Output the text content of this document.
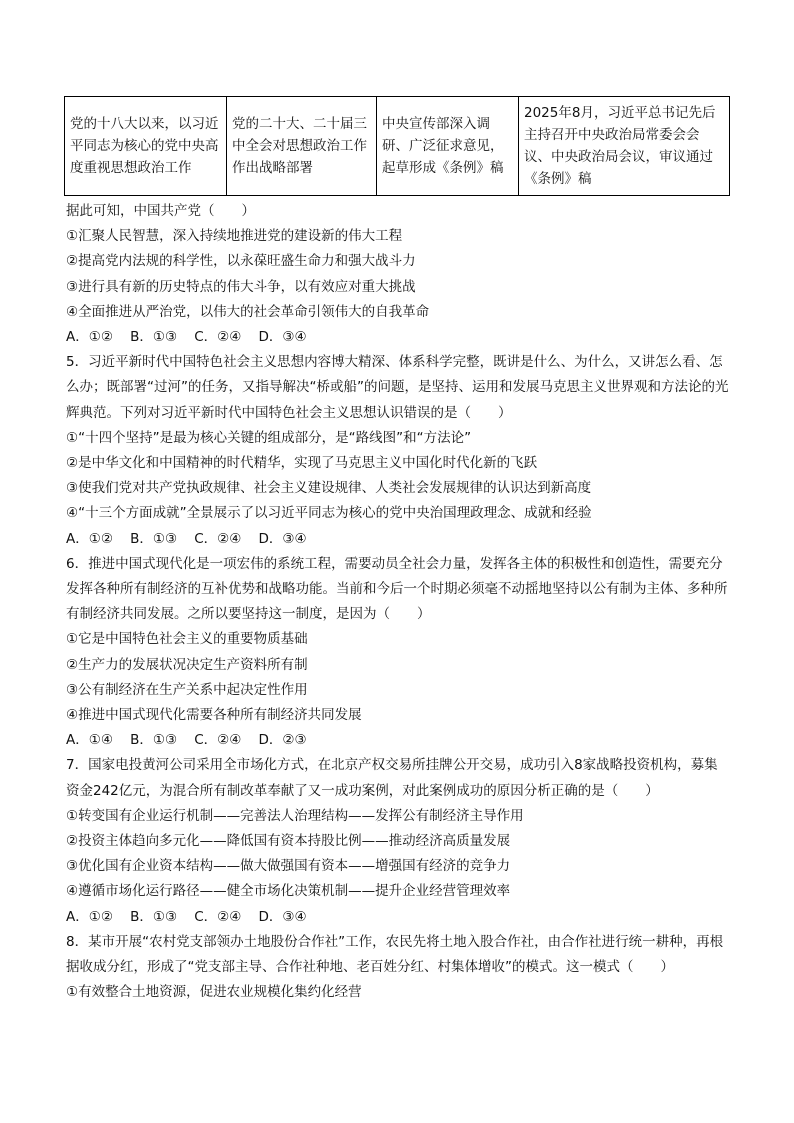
党的十八大以来，以习近平同志为核心的党中央高度重视思想政治工作	党的二十大、二十届三中全会对思想政治工作作出战略部署	中央宣传部深入调研、广泛征求意见，起草形成《条例》稿	2025年8月，习近平总书记先后主持召开中央政治局常委会会议、中央政治局会议，审议通过《条例》稿
据此可知，中国共产党（　　）
①汇聚人民智慧，深入持续地推进党的建设新的伟大工程
②提高党内法规的科学性，以永葆旺盛生命力和强大战斗力
③进行具有新的历史特点的伟大斗争，以有效应对重大挑战
④全面推进从严治党，以伟大的社会革命引领伟大的自我革命
A．①②    B．①③    C．②④    D．③④
5．习近平新时代中国特色社会主义思想内容博大精深、体系科学完整，既讲是什么、为什么，又讲怎么看、怎么办；既部署“过河”的任务，又指导解决“桥或船”的问题，是坚持、运用和发展马克思主义世界观和方法论的光辉典范。下列对习近平新时代中国特色社会主义思想认识错误的是（　　）
①“十四个坚持”是最为核心关键的组成部分，是“路线图”和“方法论”
②是中华文化和中国精神的时代精华，实现了马克思主义中国化时代化新的飞跃
③使我们党对共产党执政规律、社会主义建设规律、人类社会发展规律的认识达到新高度
④“十三个方面成就”全景展示了以习近平同志为核心的党中央治国理政理念、成就和经验
A．①②    B．①③    C．②④    D．③④
6．推进中国式现代化是一项宏伟的系统工程，需要动员全社会力量，发挥各主体的积极性和创造性，需要充分发挥各种所有制经济的互补优势和战略功能。当前和今后一个时期必须毫不动摇地坚持以公有制为主体、多种所有制经济共同发展。之所以要坚持这一制度，是因为（　　）
①它是中国特色社会主义的重要物质基础
②生产力的发展状况决定生产资料所有制
③公有制经济在生产关系中起决定性作用
④推进中国式现代化需要各种所有制经济共同发展
A．①④    B．①③    C．②④    D．②③
7．国家电投黄河公司采用全市场化方式，在北京产权交易所挂牌公开交易，成功引入8家战略投资机构，募集资金242亿元，为混合所有制改革奉献了又一成功案例，对此案例成功的原因分析正确的是（　　）
①转变国有企业运行机制——完善法人治理结构——发挥公有制经济主导作用
②投资主体趋向多元化——降低国有资本持股比例——推动经济高质量发展
③优化国有企业资本结构——做大做强国有资本——增强国有经济的竞争力
④遵循市场化运行路径——健全市场化决策机制——提升企业经营管理效率
A．①②    B．①③    C．②④    D．③④
8．某市开展“农村党支部领办土地股份合作社”工作，农民先将土地入股合作社，由合作社进行统一耕种，再根据收成分红，形成了“党支部主导、合作社种地、老百姓分红、村集体增收”的模式。这一模式（　　）
①有效整合土地资源，促进农业规模化集约化经营
